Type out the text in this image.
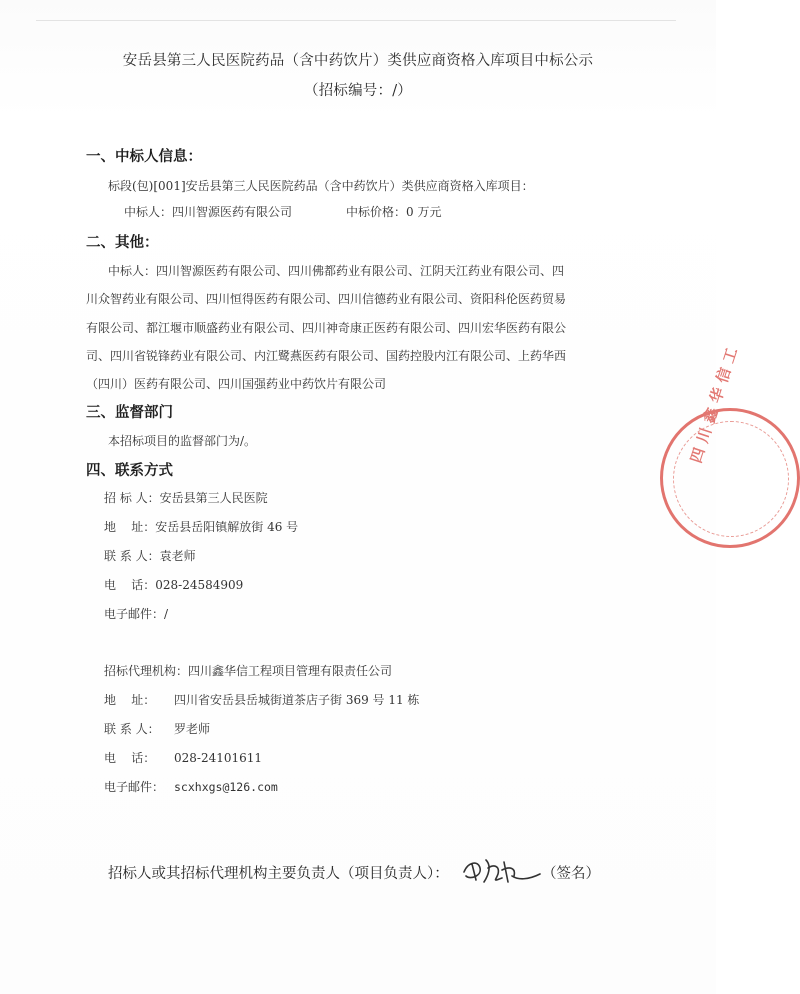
安岳县第三人民医院药品（含中药饮片）类供应商资格入库项目中标公示
（招标编号：/）
一、中标人信息：
标段(包)[001]安岳县第三人民医院药品（含中药饮片）类供应商资格入库项目：
中标人：四川智源医药有限公司	中标价格：0 万元
二、其他：
中标人：四川智源医药有限公司、四川佛都药业有限公司、江阴天江药业有限公司、四
川众智药业有限公司、四川恒得医药有限公司、四川信德药业有限公司、资阳科伦医药贸易
有限公司、都江堰市顺盛药业有限公司、四川神奇康正医药有限公司、四川宏华医药有限公
司、四川省锐锋药业有限公司、内江鹭燕医药有限公司、国药控股内江有限公司、上药华西
（四川）医药有限公司、四川国强药业中药饮片有限公司
三、监督部门
本招标项目的监督部门为/。
四、联系方式
招 标 人：安岳县第三人民医院
地    址：安岳县岳阳镇解放街 46 号
联 系 人：袁老师
电    话：028-24584909
电子邮件：/
招标代理机构：四川鑫华信工程项目管理有限责任公司
地    址： 四川省安岳县岳城街道茶店子街 369 号 11 栋
联 系 人： 罗老师
电    话： 028-24101611
电子邮件： scxhxgs@126.com
四川鑫华信工
招标人或其招标代理机构主要负责人（项目负责人）：	（签名）
